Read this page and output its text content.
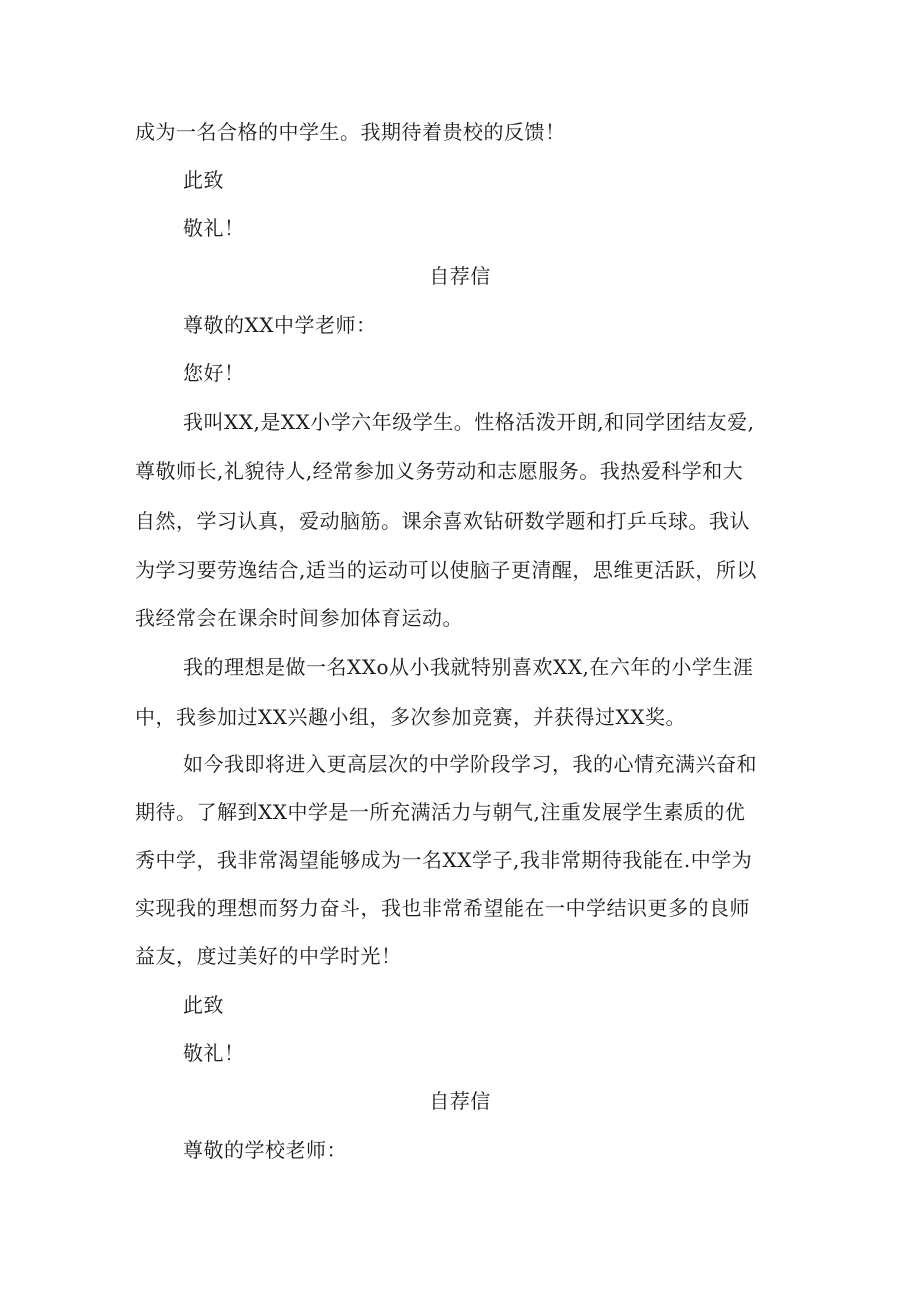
成为一名合格的中学生。我期待着贵校的反馈！
此致
敬礼！
自荐信
尊敬的XX中学老师：
您好！
我叫XX,是XX小学六年级学生。性格活泼开朗,和同学团结友爱,
尊敬师长,礼貌待人,经常参加义务劳动和志愿服务。我热爱科学和大
自然，学习认真，爱动脑筋。课余喜欢钻研数学题和打乒乓球。我认
为学习要劳逸结合,适当的运动可以使脑子更清醒，思维更活跃，所以
我经常会在课余时间参加体育运动。
我的理想是做一名XXo从小我就特别喜欢XX,在六年的小学生涯
中，我参加过XX兴趣小组，多次参加竞赛，并获得过XX奖。
如今我即将进入更高层次的中学阶段学习，我的心情充满兴奋和
期待。了解到XX中学是一所充满活力与朝气,注重发展学生素质的优
秀中学，我非常渴望能够成为一名XX学子,我非常期待我能在.中学为
实现我的理想而努力奋斗，我也非常希望能在一中学结识更多的良师
益友，度过美好的中学时光！
此致
敬礼！
自荐信
尊敬的学校老师：
